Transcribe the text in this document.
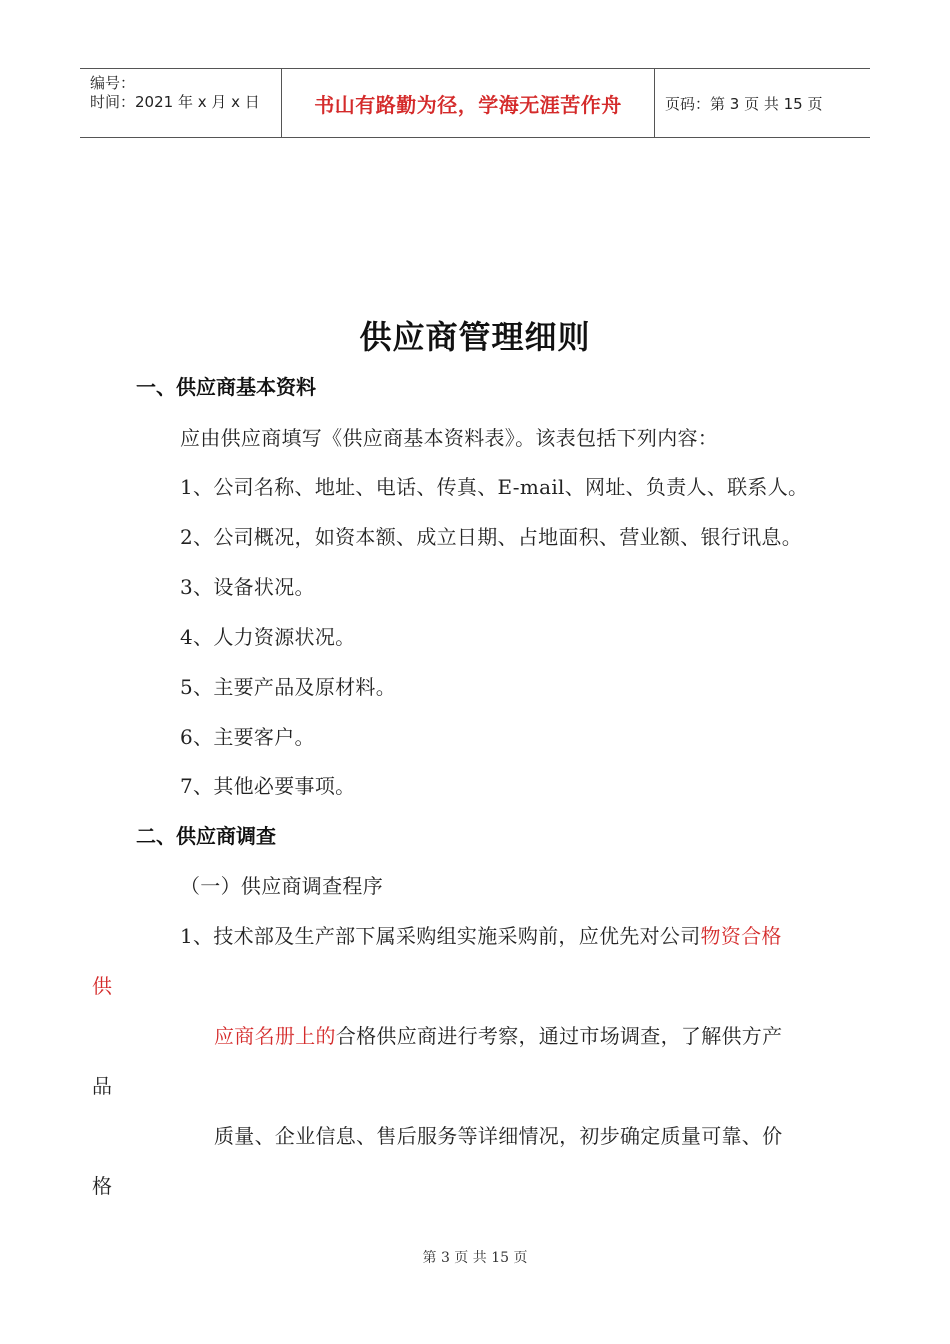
编号：
时间：2021 年 x 月 x 日	书山有路勤为径，学海无涯苦作舟	页码：第 3 页 共 15 页
供应商管理细则
一、供应商基本资料
应由供应商填写《供应商基本资料表》。该表包括下列内容：
1、公司名称、地址、电话、传真、E-mail、网址、负责人、联系人。
2、公司概况，如资本额、成立日期、占地面积、营业额、银行讯息。
3、设备状况。
4、人力资源状况。
5、主要产品及原材料。
6、主要客户。
7、其他必要事项。
二、供应商调查
（一）供应商调查程序
1、技术部及生产部下属采购组实施采购前，应优先对公司物资合格
供
应商名册上的合格供应商进行考察，通过市场调查，了解供方产
品
质量、企业信息、售后服务等详细情况，初步确定质量可靠、价
格
第 3 页 共 15 页
